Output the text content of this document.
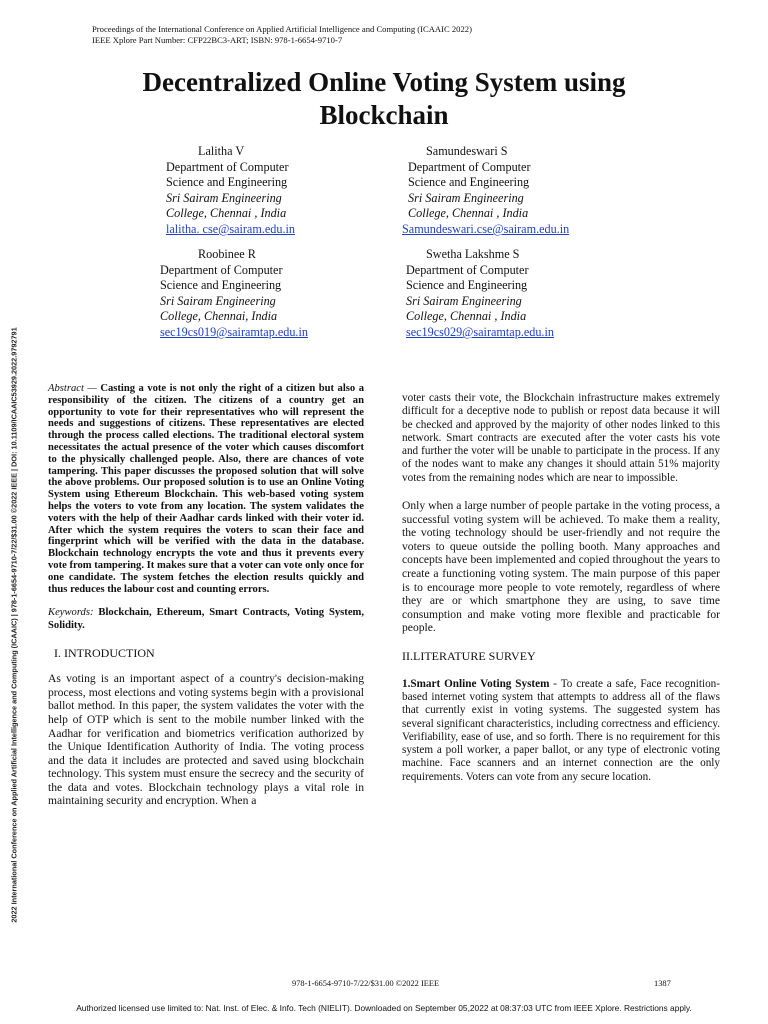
Proceedings of the International Conference on Applied Artificial Intelligence and Computing (ICAAIC 2022)
IEEE Xplore Part Number: CFP22BC3-ART; ISBN: 978-1-6654-9710-7
Decentralized Online Voting System using
Blockchain
Lalitha V
Department of Computer
Science and Engineering
Sri Sairam Engineering
College, Chennai , India
lalitha. cse@sairam.edu.in
Samundeswari S
Department of Computer
Science and Engineering
Sri Sairam Engineering
College, Chennai , India
Samundeswari.cse@sairam.edu.in
Roobinee R
Department of Computer
Science and Engineering
Sri Sairam Engineering
College, Chennai, India
sec19cs019@sairamtap.edu.in
Swetha Lakshme S
Department of Computer
Science and Engineering
Sri Sairam Engineering
College, Chennai , India
sec19cs029@sairamtap.edu.in
2022 International Conference on Applied Artificial Intelligence and Computing (ICAAIC) | 978-1-6654-9710-7/22/$31.00 ©2022 IEEE | DOI: 10.1109/ICAAIC53929.2022.9792791	Abstract — Casting a vote is not only the right of a citizen but also a responsibility of the citizen. The citizens of a country get an opportunity to vote for their representatives who will represent the needs and suggestions of citizens. These representatives are elected through the process called elections. The traditional electoral system necessitates the actual presence of the voter which causes discomfort to the physically challenged people. Also, there are chances of vote tampering. This paper discusses the proposed solution that will solve the above problems. Our proposed solution is to use an Online Voting System using Ethereum Blockchain. This web-based voting system helps the voters to vote from any location. The system validates the voters with the help of their Aadhar cards linked with their voter id. After which the system requires the voters to scan their face and fingerprint which will be verified with the data in the database. Blockchain technology encrypts the vote and thus it prevents every vote from tampering. It makes sure that a voter can vote only once for one candidate. The system fetches the election results quickly and thus reduces the labour cost and counting errors.

Keywords: Blockchain, Ethereum, Smart Contracts, Voting System, Solidity.

I. INTRODUCTION

As voting is an important aspect of a country's decision-making process, most elections and voting systems begin with a provisional ballot method. In this paper, the system validates the voter with the help of OTP which is sent to the mobile number linked with the Aadhar for verification and biometrics verification authorized by the Unique Identification Authority of India. The voting process and the data it includes are protected and saved using blockchain technology. This system must ensure the secrecy and the security of the data and votes. Blockchain technology plays a vital role in maintaining security and encryption. When a

voter casts their vote, the Blockchain infrastructure makes extremely difficult for a deceptive node to publish or repost data because it will be checked and approved by the majority of other nodes linked to this network. Smart contracts are executed after the voter casts his vote and further the voter will be unable to participate in the process. If any of the nodes want to make any changes it should attain 51% majority votes from the remaining nodes which are near to impossible.

Only when a large number of people partake in the voting process, a successful voting system will be achieved. To make them a reality, the voting technology should be user-friendly and not require the voters to queue outside the polling booth. Many approaches and concepts have been implemented and copied throughout the years to create a functioning voting system. The main purpose of this paper is to encourage more people to vote remotely, regardless of where they are or which smartphone they are using, to save time consumption and make voting more flexible and practicable for people.

II.LITERATURE SURVEY

1.Smart Online Voting System - To create a safe, Face recognition-based internet voting system that attempts to address all of the flaws that currently exist in voting systems. The suggested system has several significant characteristics, including correctness and efficiency. Verifiability, ease of use, and so forth. There is no requirement for this system a poll worker, a paper ballot, or any type of electronic voting machine. Face scanners and an internet connection are the only requirements. Voters can vote from any secure location.

978-1-6654-9710-7/22/$31.00 ©2022 IEEE	1387
Authorized licensed use limited to: Nat. Inst. of Elec. & Info. Tech (NIELIT). Downloaded on September 05,2022 at 08:37:03 UTC from IEEE Xplore. Restrictions apply.
